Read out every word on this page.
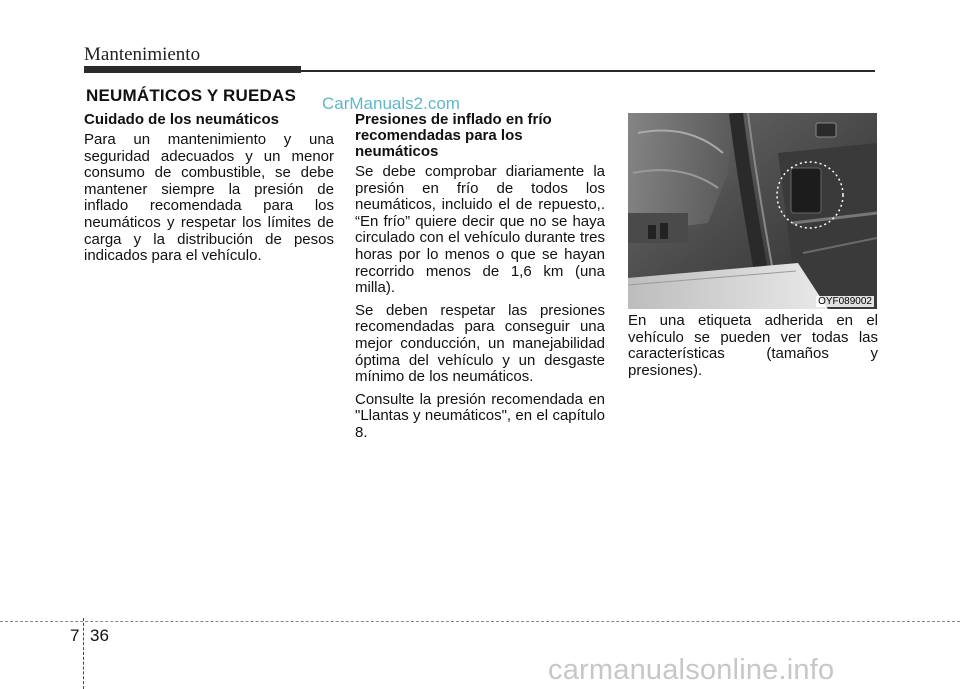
Mantenimiento
NEUMÁTICOS Y RUEDAS CarManuals2.com
Cuidado de los neumáticos

Para un mantenimiento y una seguridad adecuados y un menor consumo de combustible, se debe mantener siempre la presión de inflado recomendada para los neumáticos y respetar los límites de carga y la distribución de pesos indicados para el vehículo.

Presiones de inflado en frío recomendadas para los neumáticos

Se debe comprobar diariamente la presión en frío de todos los neumáticos, incluido el de repuesto,. “En frío” quiere decir que no se haya circulado con el vehículo durante tres horas por lo menos o que se hayan recorrido menos de 1,6 km (una milla).

Se deben respetar las presiones recomendadas para conseguir una mejor conducción, un manejabilidad óptima del vehículo y un desgaste mínimo de los neumáticos.

Consulte la presión recomendada en "Llantas y neumáticos", en el capítulo 8.

OYF089002

En una etiqueta adherida en el vehículo se pueden ver todas las características (tamaños y presiones).

7 36
carmanualsonline.info
